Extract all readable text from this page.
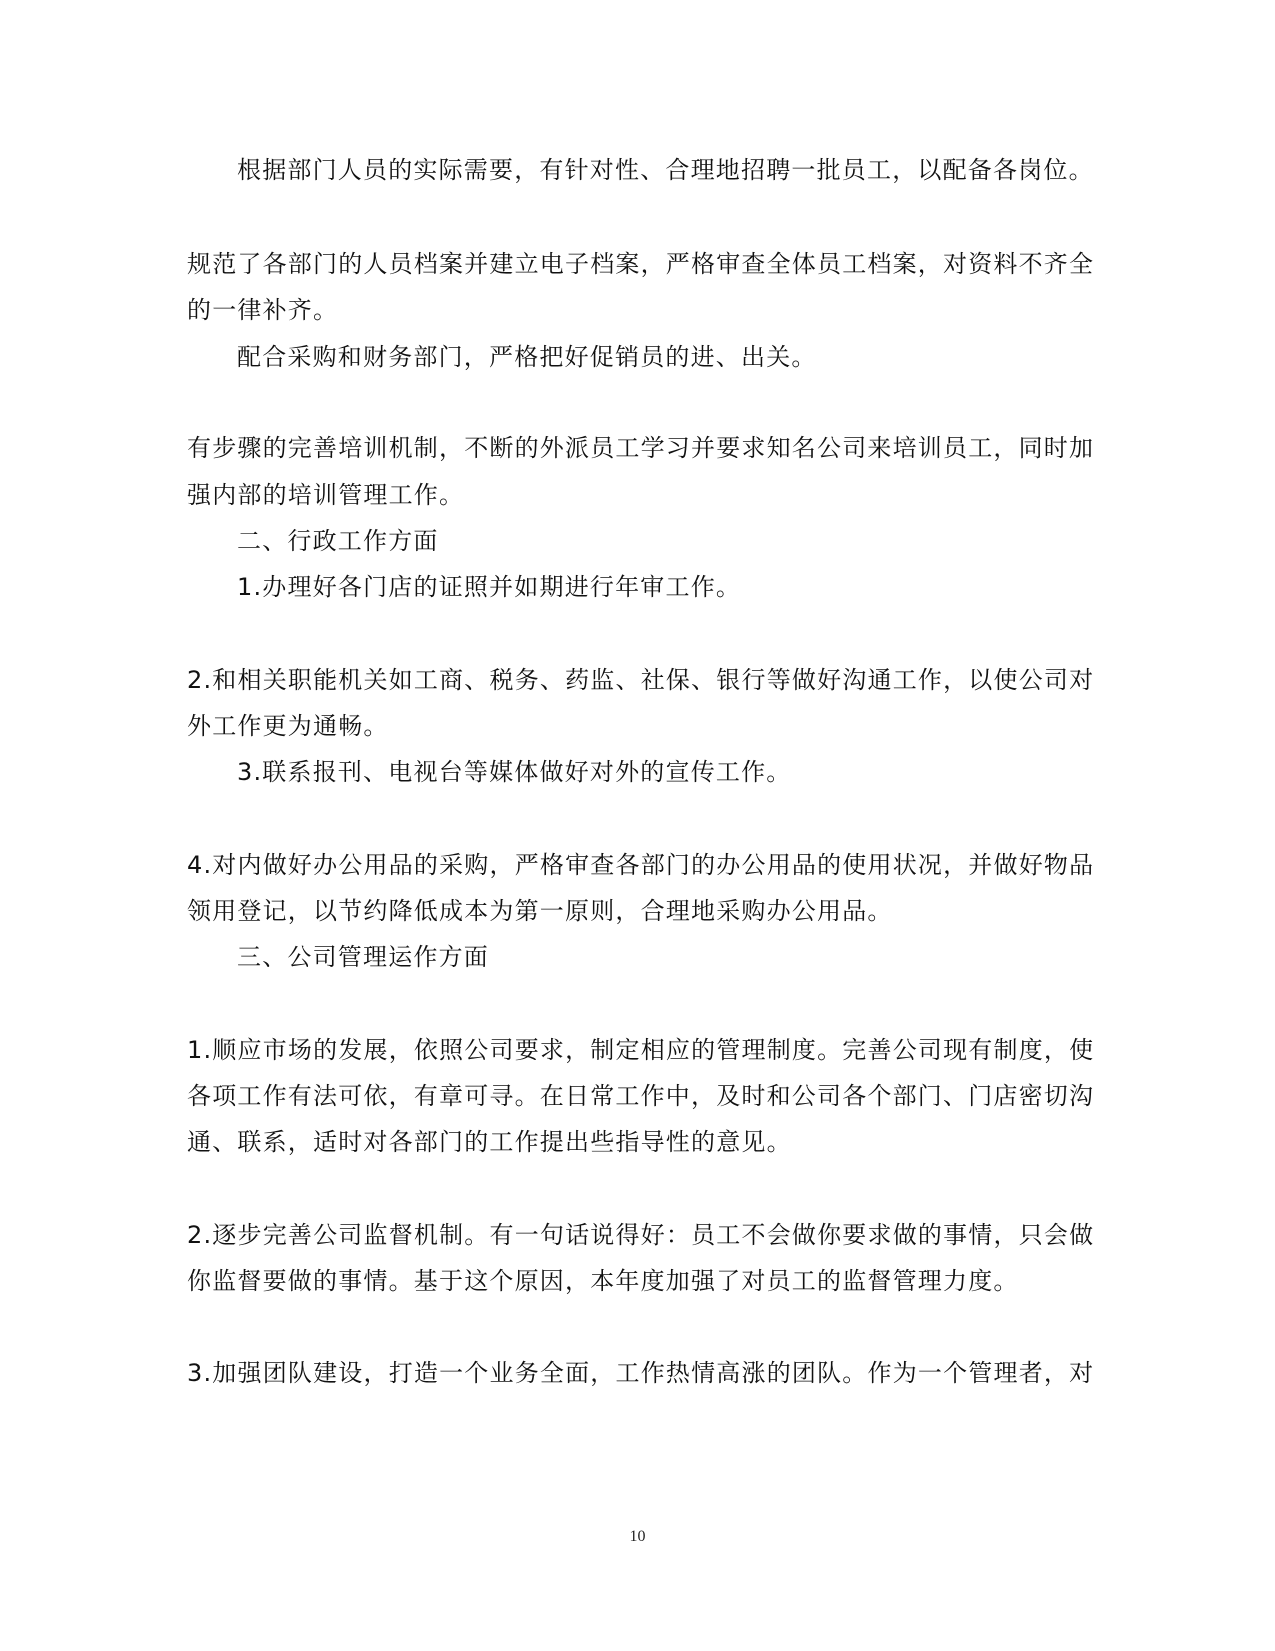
根据部门人员的实际需要，有针对性、合理地招聘一批员工，以配备各岗位。
规范了各部门的人员档案并建立电子档案，严格审查全体员工档案，对资料不齐全
的一律补齐。
配合采购和财务部门，严格把好促销员的进、出关。
有步骤的完善培训机制，不断的外派员工学习并要求知名公司来培训员工，同时加
强内部的培训管理工作。
二、行政工作方面
1.办理好各门店的证照并如期进行年审工作。
2.和相关职能机关如工商、税务、药监、社保、银行等做好沟通工作，以使公司对
外工作更为通畅。
3.联系报刊、电视台等媒体做好对外的宣传工作。
4.对内做好办公用品的采购，严格审查各部门的办公用品的使用状况，并做好物品
领用登记，以节约降低成本为第一原则，合理地采购办公用品。
三、公司管理运作方面
1.顺应市场的发展，依照公司要求，制定相应的管理制度。完善公司现有制度，使
各项工作有法可依，有章可寻。在日常工作中，及时和公司各个部门、门店密切沟
通、联系，适时对各部门的工作提出些指导性的意见。
2.逐步完善公司监督机制。有一句话说得好：员工不会做你要求做的事情，只会做
你监督要做的事情。基于这个原因，本年度加强了对员工的监督管理力度。
3.加强团队建设，打造一个业务全面，工作热情高涨的团队。作为一个管理者，对
10
